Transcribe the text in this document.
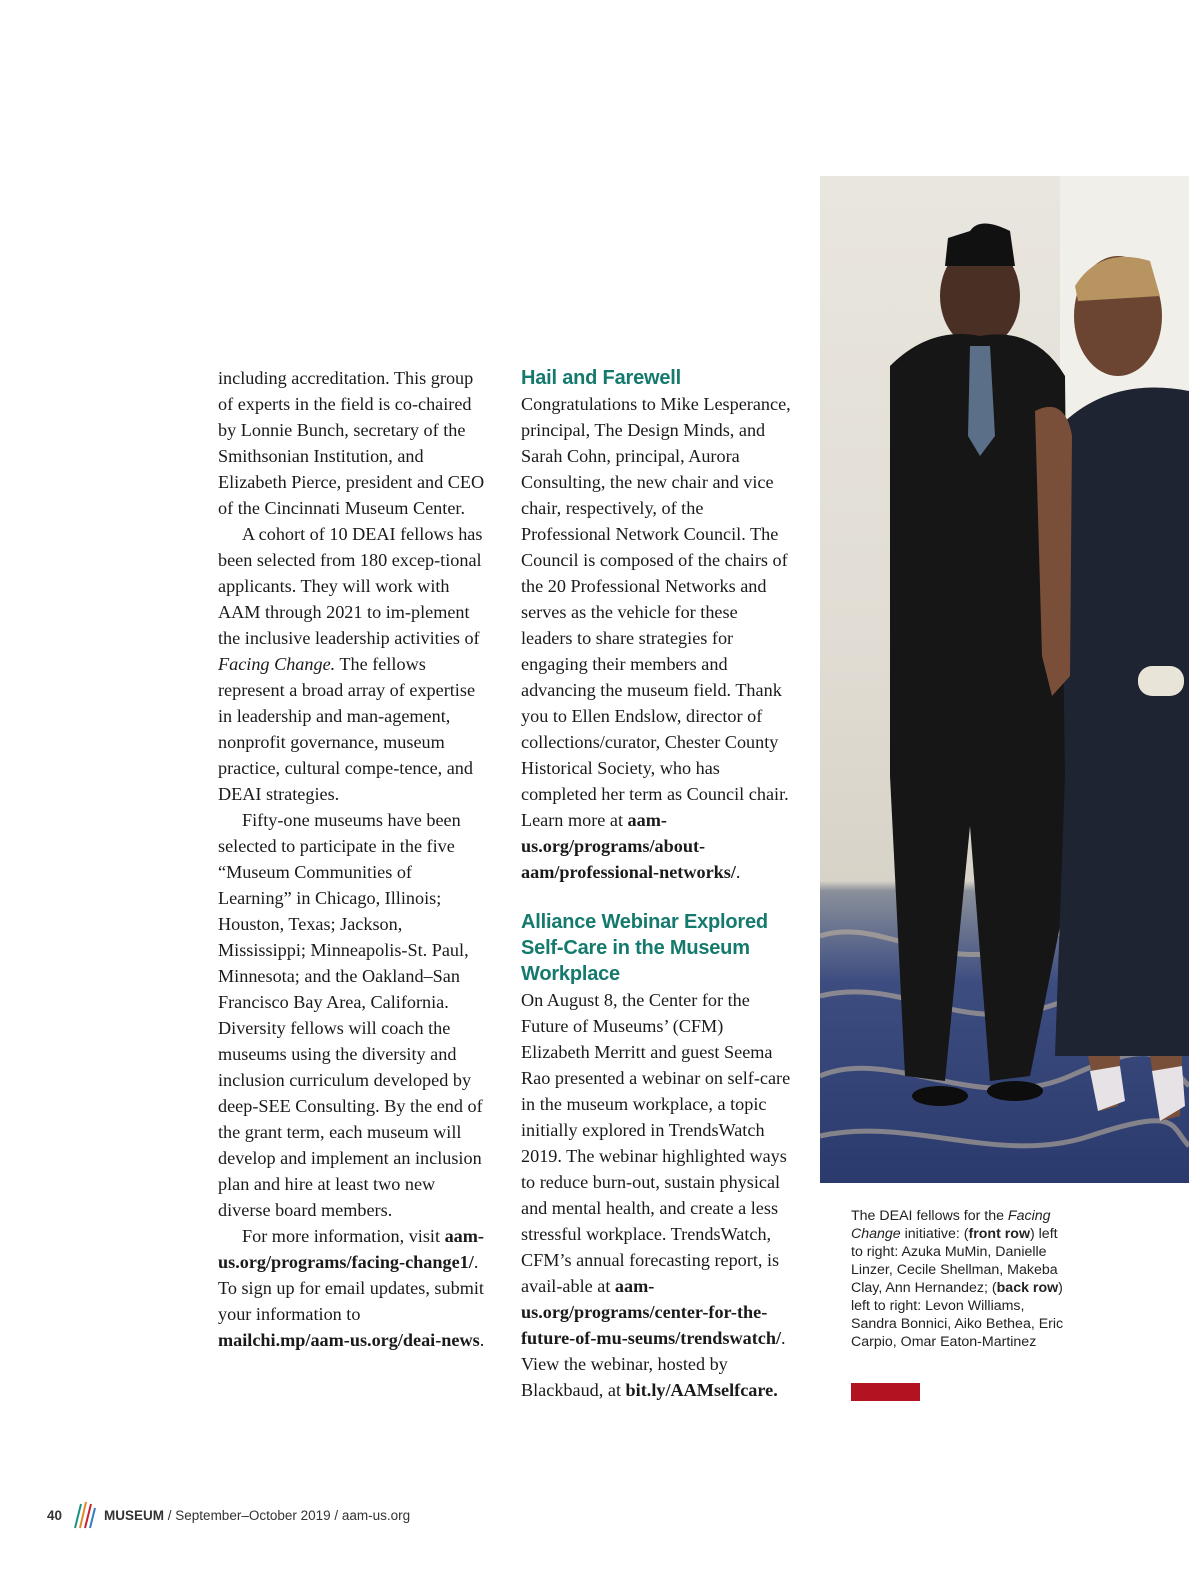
including accreditation. This group of experts in the field is co-chaired by Lonnie Bunch, secretary of the Smithsonian Institution, and Elizabeth Pierce, president and CEO of the Cincinnati Museum Center.

A cohort of 10 DEAI fellows has been selected from 180 excep-tional applicants. They will work with AAM through 2021 to im-plement the inclusive leadership activities of Facing Change. The fellows represent a broad array of expertise in leadership and man-agement, nonprofit governance, museum practice, cultural compe-tence, and DEAI strategies.

Fifty-one museums have been selected to participate in the five “Museum Communities of Learning” in Chicago, Illinois; Houston, Texas; Jackson, Mississippi; Minneapolis-St. Paul, Minnesota; and the Oakland–San Francisco Bay Area, California. Diversity fellows will coach the museums using the diversity and inclusion curriculum developed by deep-SEE Consulting. By the end of the grant term, each museum will develop and implement an inclusion plan and hire at least two new diverse board members.

For more information, visit aam-us.org/programs/facing-change1/. To sign up for email updates, submit your information to mailchi.mp/aam-us.org/deai-news.

Hail and Farewell

Congratulations to Mike Lesperance, principal, The Design Minds, and Sarah Cohn, principal, Aurora Consulting, the new chair and vice chair, respectively, of the Professional Network Council. The Council is composed of the chairs of the 20 Professional Networks and serves as the vehicle for these leaders to share strategies for engaging their members and advancing the museum field. Thank you to Ellen Endslow, director of collections/curator, Chester County Historical Society, who has completed her term as Council chair. Learn more at aam-us.org/programs/about-aam/professional-networks/.

Alliance Webinar Explored Self-Care in the Museum Workplace

On August 8, the Center for the Future of Museums’ (CFM) Elizabeth Merritt and guest Seema Rao presented a webinar on self-care in the museum workplace, a topic initially explored in TrendsWatch 2019. The webinar highlighted ways to reduce burn-out, sustain physical and mental health, and create a less stressful workplace. TrendsWatch, CFM’s annual forecasting report, is avail-able at aam-us.org/programs/center-for-the-future-of-mu-seums/trendswatch/. View the webinar, hosted by Blackbaud, at bit.ly/AAMselfcare.

The DEAI fellows for the Facing Change initiative: (front row) left to right: Azuka MuMin, Danielle Linzer, Cecile Shellman, Makeba Clay, Ann Hernandez; (back row) left to right: Levon Williams, Sandra Bonnici, Aiko Bethea, Eric Carpio, Omar Eaton-Martinez

40	MUSEUM / September–October 2019 / aam-us.org
